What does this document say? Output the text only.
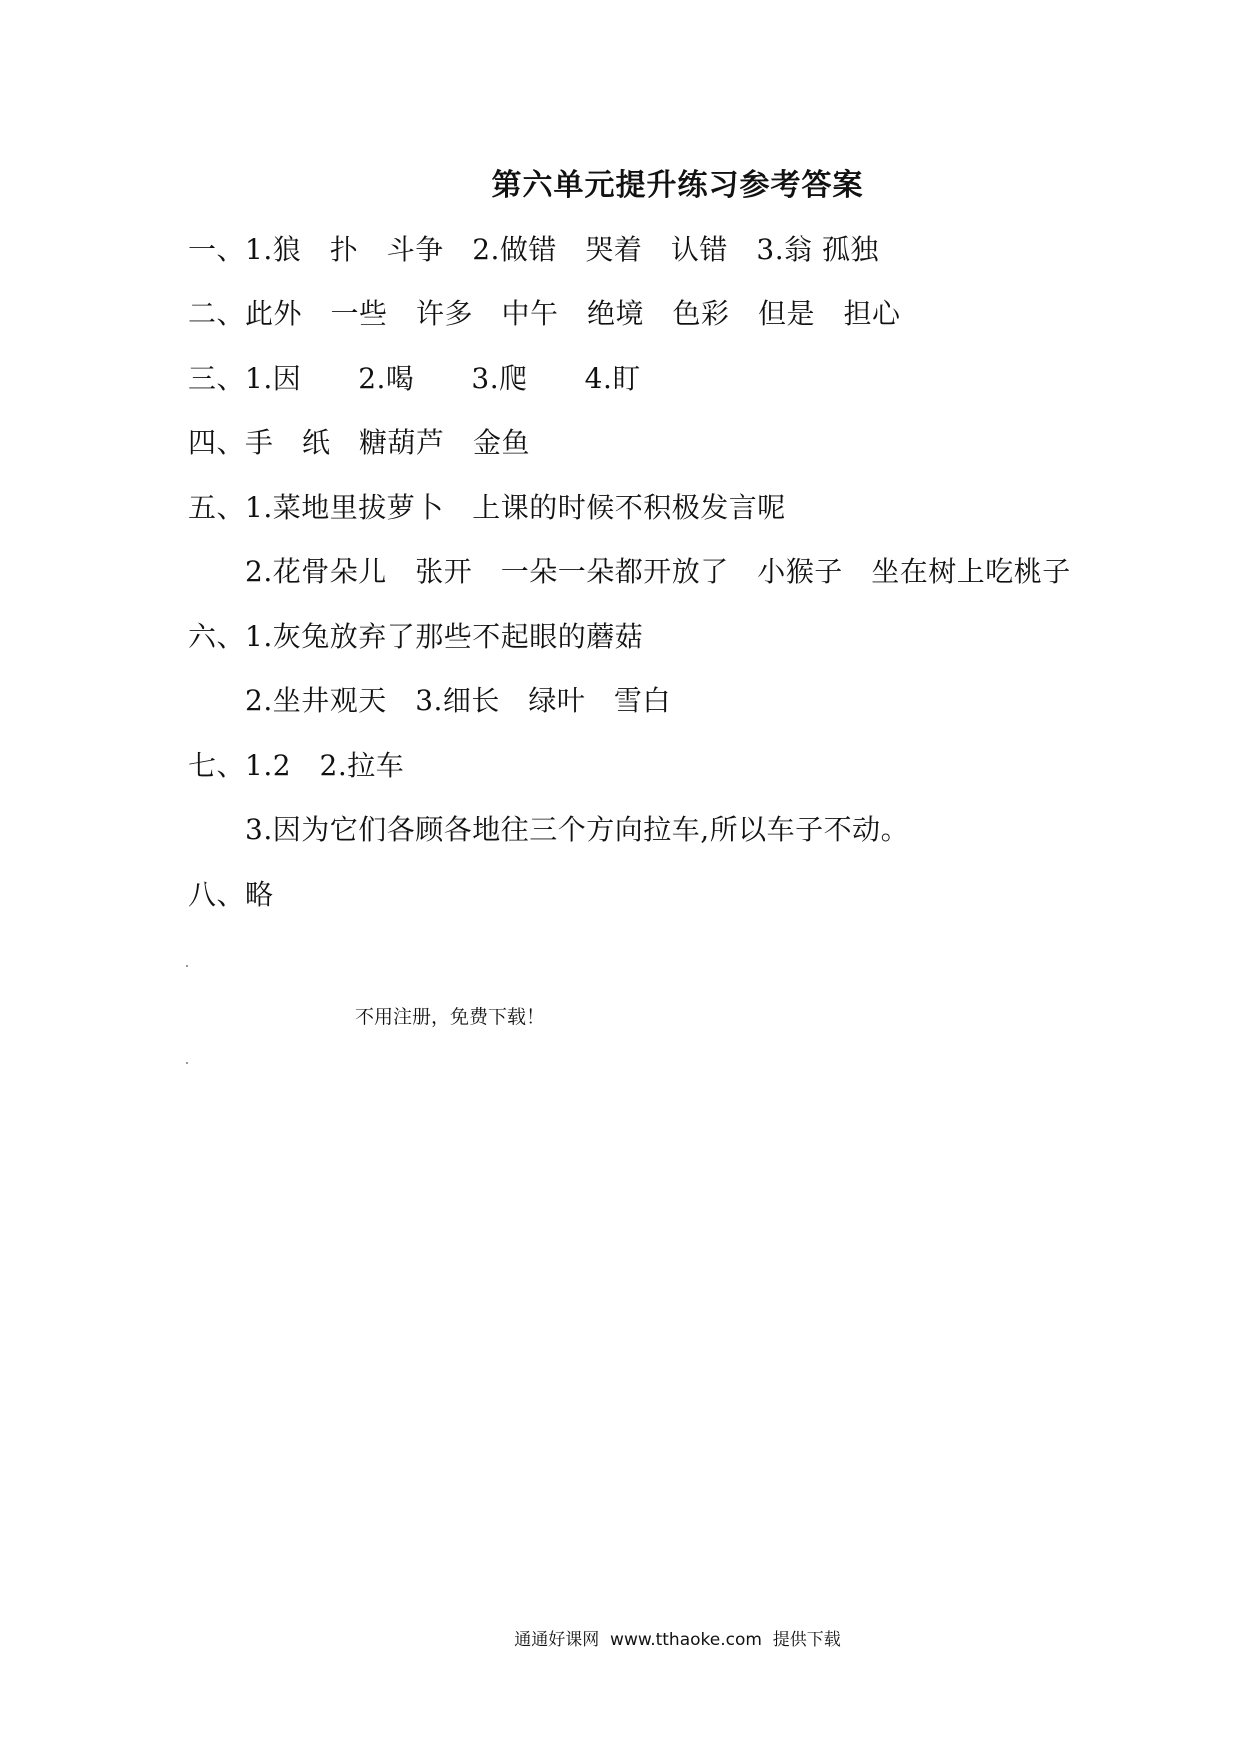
第六单元提升练习参考答案
一、1.狼　扑　斗争　2.做错　哭着　认错　3.翁 孤独
二、此外　一些　许多　中午　绝境　色彩　但是　担心
三、1.因　　2.喝　　3.爬　　4.盯
四、手　纸　糖葫芦　金鱼
五、1.菜地里拔萝卜　上课的时候不积极发言呢
2.花骨朵儿　张开　一朵一朵都开放了　小猴子　坐在树上吃桃子
六、1.灰兔放弃了那些不起眼的蘑菇
2.坐井观天　3.细长　绿叶　雪白
七、1.2　2.拉车
3.因为它们各顾各地往三个方向拉车,所以车子不动。
八、略
不用注册，免费下载！
通通好课网  www.tthaoke.com  提供下载
